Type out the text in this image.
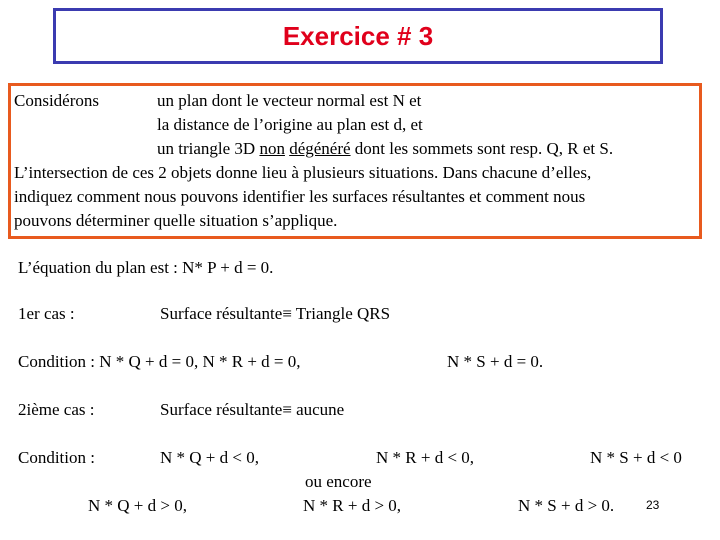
Exercice # 3
Considérons	un plan dont le vecteur normal est N et
la distance de l’origine au plan est d, et
un triangle 3D non dégénéré dont les sommets sont resp. Q, R et S.
L’intersection de ces 2 objets donne lieu à plusieurs situations. Dans chacune d’elles,
indiquez comment nous pouvons identifier les surfaces résultantes et comment nous
pouvons déterminer quelle situation s’applique.
L’équation du plan est : N* P + d = 0.
1er cas :	Surface résultante≡ Triangle QRS
Condition : N * Q + d = 0, N * R + d = 0,	N * S + d = 0.
2ième cas :	Surface résultante≡ aucune
Condition :	N * Q + d < 0,	N * R + d < 0,	N * S + d < 0
ou encore
N * Q + d > 0,	N * R + d > 0,	N * S + d > 0.	23
